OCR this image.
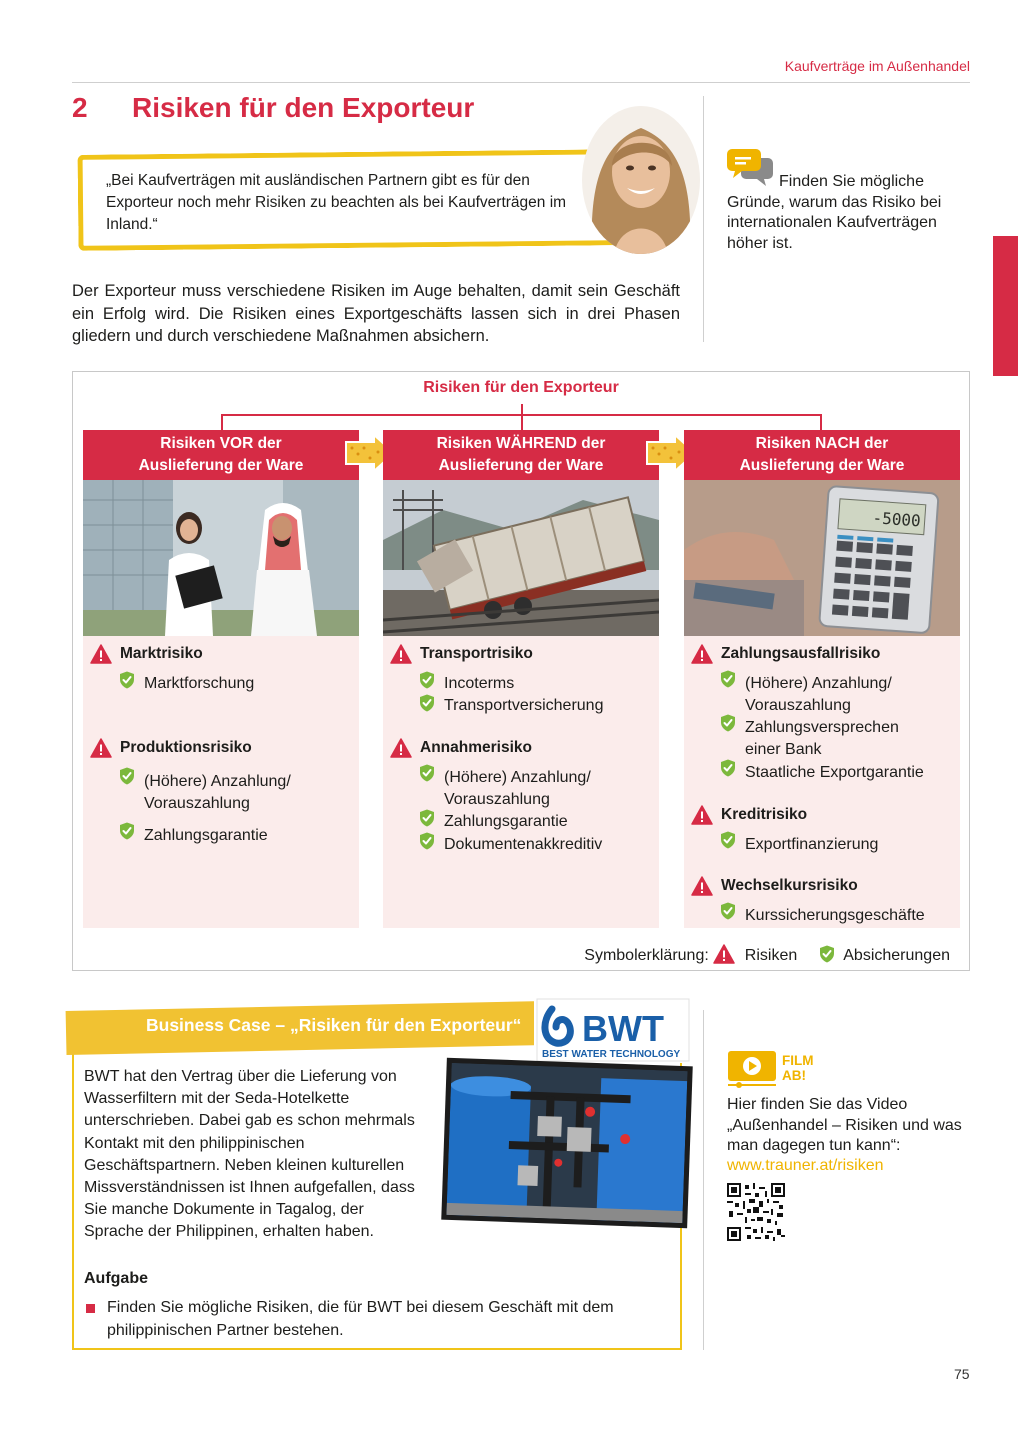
Kaufverträge im Außenhandel
2 Risiken für den Exporteur
„Bei Kaufverträgen mit ausländischen Partnern gibt es für den Exporteur noch mehr Risiken zu beachten als bei Kaufverträgen im Inland.“
Finden Sie mögliche Gründe, warum das Risiko bei internationalen Kaufverträgen höher ist.
Der Exporteur muss verschiedene Risiken im Auge behalten, damit sein Geschäft ein Erfolg wird. Die Risiken eines Exportgeschäfts lassen sich in drei Phasen gliedern und durch verschiedene Maßnahmen absichern.
Risiken für den Exporteur
Risiken VOR der
Auslieferung der Ware
Marktrisiko
Marktforschung
Produktionsrisiko
(Höhere) Anzahlung/ Vorauszahlung
Zahlungsgarantie
Risiken WÄHREND der
Auslieferung der Ware
Transportrisiko
Incoterms
Transportversicherung
Annahmerisiko
(Höhere) Anzahlung/ Vorauszahlung
Zahlungsgarantie
Dokumentenakkreditiv
Risiken NACH der
Auslieferung der Ware
-5000
Zahlungsausfallrisiko
(Höhere) Anzahlung/ Vorauszahlung
Zahlungsversprechen einer Bank
Staatliche Exportgarantie
Kreditrisiko
Exportfinanzierung
Wechselkursrisiko
Kurssicherungsgeschäfte
Symbolerklärung: Risiken	Absicherungen
Business Case – „Risiken für den Exporteur“ BWT
BEST WATER TECHNOLOGY
BWT hat den Vertrag über die Lieferung von Wasserfiltern mit der Seda-Hotelkette unterschrieben. Dabei gab es schon mehrmals Kontakt mit den philippinischen Geschäftspartnern. Neben kleinen kulturellen Missverständnissen ist Ihnen aufgefallen, dass Sie manche Dokumente in Tagalog, der Sprache der Philippinen, erhalten haben.
Aufgabe
Finden Sie mögliche Risiken, die für BWT bei diesem Geschäft mit dem philippinischen Partner bestehen.
FILM
AB!
Hier finden Sie das Video „Außenhandel – Risiken und was man dagegen tun kann“:
www.trauner.at/risiken
75
